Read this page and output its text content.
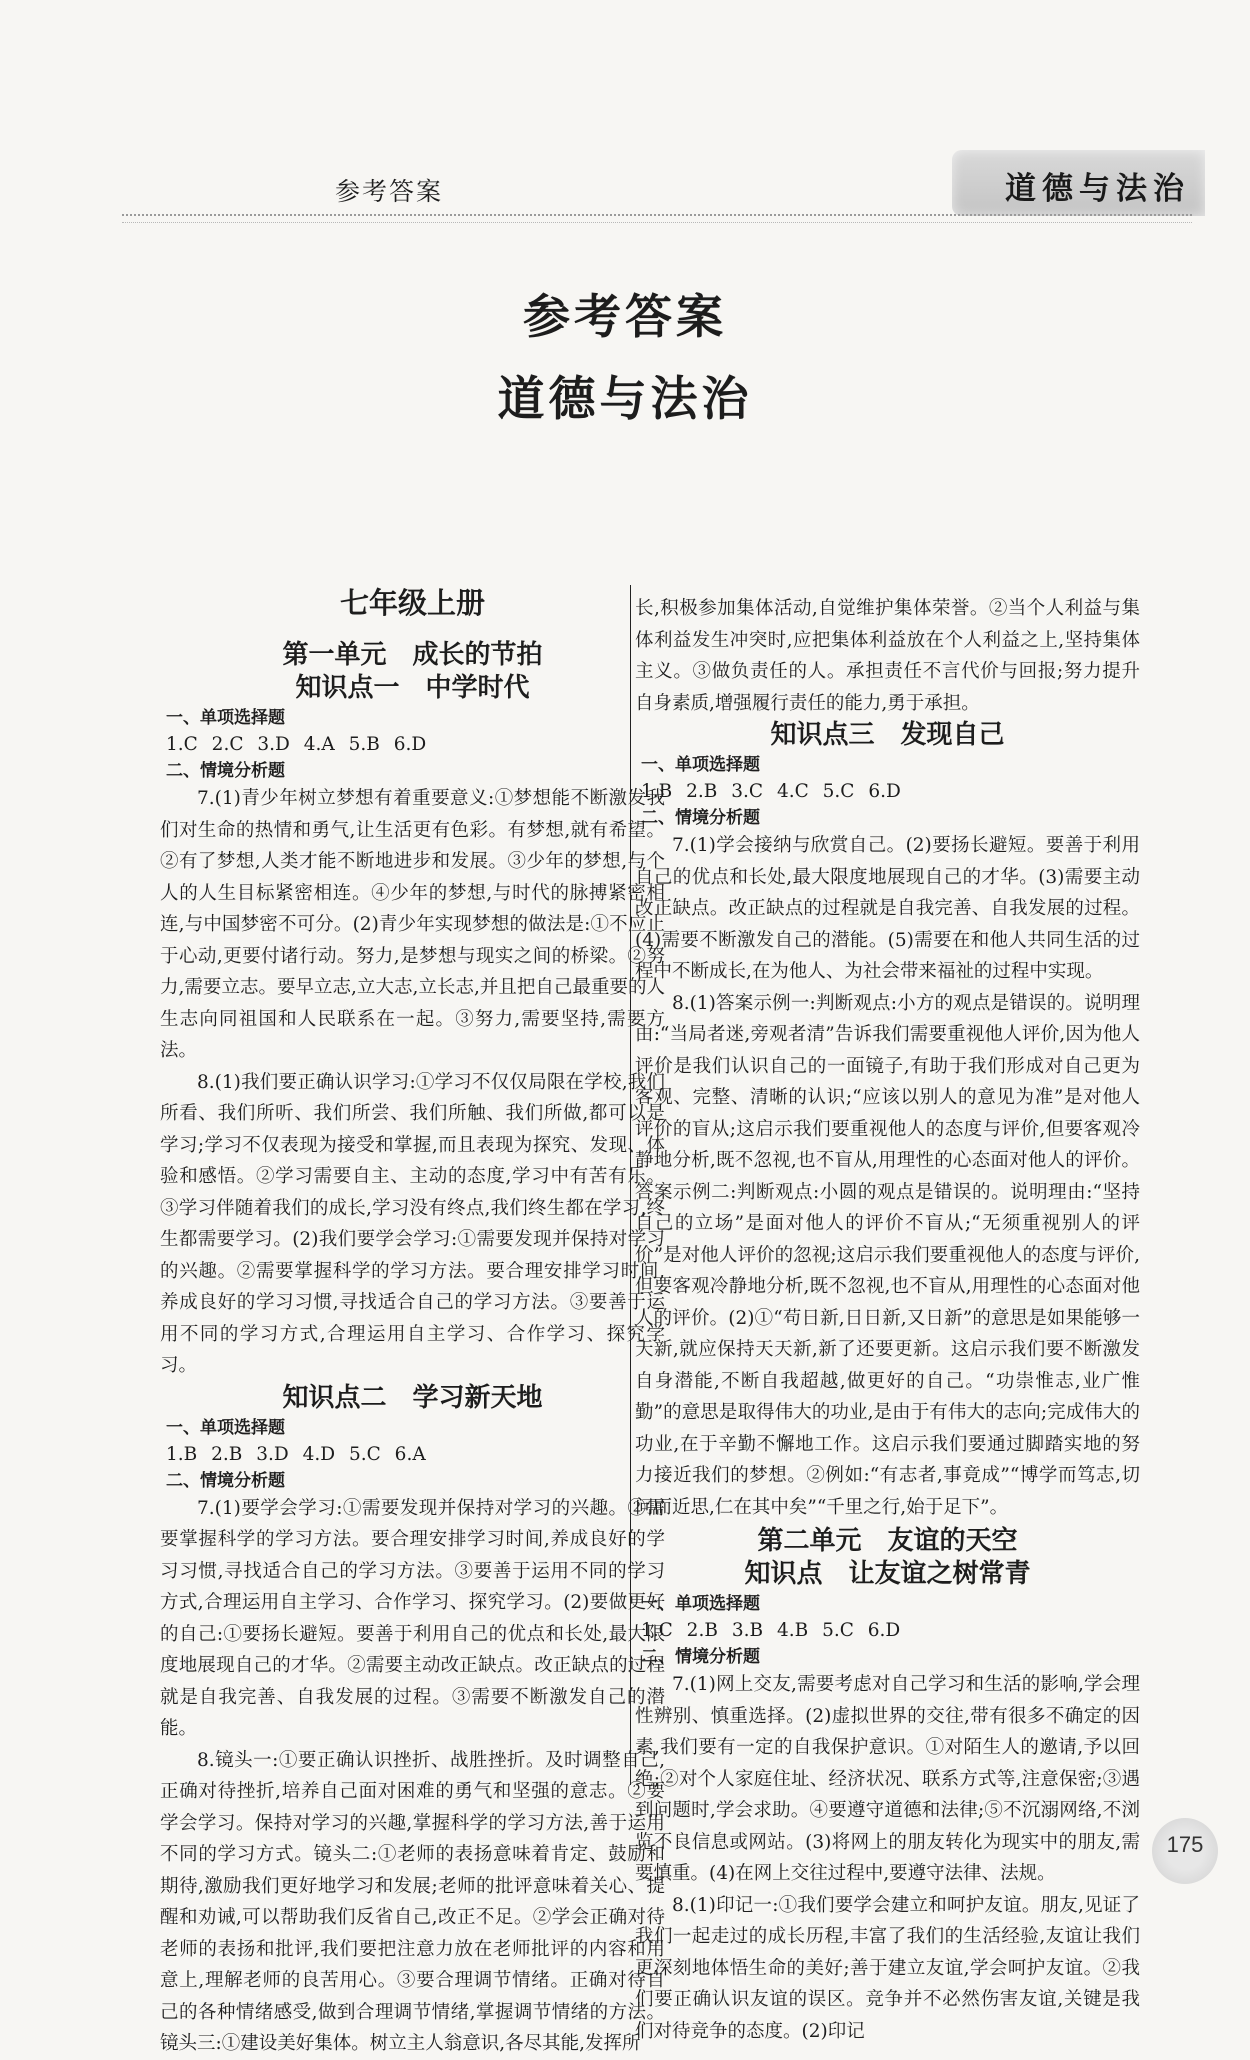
参考答案	道德与法治
参考答案
道德与法治
七年级上册
第一单元　成长的节拍
知识点一　中学时代
一、单项选择题
1.C 2.C 3.D 4.A 5.B 6.D
二、情境分析题

7.(1)青少年树立梦想有着重要意义:①梦想能不断激发我们对生命的热情和勇气,让生活更有色彩。有梦想,就有希望。②有了梦想,人类才能不断地进步和发展。③少年的梦想,与个人的人生目标紧密相连。④少年的梦想,与时代的脉搏紧密相连,与中国梦密不可分。(2)青少年实现梦想的做法是:①不应止于心动,更要付诸行动。努力,是梦想与现实之间的桥梁。②努力,需要立志。要早立志,立大志,立长志,并且把自己最重要的人生志向同祖国和人民联系在一起。③努力,需要坚持,需要方法。

8.(1)我们要正确认识学习:①学习不仅仅局限在学校,我们所看、我们所听、我们所尝、我们所触、我们所做,都可以是学习;学习不仅表现为接受和掌握,而且表现为探究、发现、体验和感悟。②学习需要自主、主动的态度,学习中有苦有乐。③学习伴随着我们的成长,学习没有终点,我们终生都在学习,终生都需要学习。(2)我们要学会学习:①需要发现并保持对学习的兴趣。②需要掌握科学的学习方法。要合理安排学习时间,养成良好的学习习惯,寻找适合自己的学习方法。③要善于运用不同的学习方式,合理运用自主学习、合作学习、探究学习。

知识点二　学习新天地
一、单项选择题
1.B 2.B 3.D 4.D 5.C 6.A
二、情境分析题

7.(1)要学会学习:①需要发现并保持对学习的兴趣。②需要掌握科学的学习方法。要合理安排学习时间,养成良好的学习习惯,寻找适合自己的学习方法。③要善于运用不同的学习方式,合理运用自主学习、合作学习、探究学习。(2)要做更好的自己:①要扬长避短。要善于利用自己的优点和长处,最大限度地展现自己的才华。②需要主动改正缺点。改正缺点的过程就是自我完善、自我发展的过程。③需要不断激发自己的潜能。

8.镜头一:①要正确认识挫折、战胜挫折。及时调整自己,正确对待挫折,培养自己面对困难的勇气和坚强的意志。②要学会学习。保持对学习的兴趣,掌握科学的学习方法,善于运用不同的学习方式。镜头二:①老师的表扬意味着肯定、鼓励和期待,激励我们更好地学习和发展;老师的批评意味着关心、提醒和劝诫,可以帮助我们反省自己,改正不足。②学会正确对待老师的表扬和批评,我们要把注意力放在老师批评的内容和用意上,理解老师的良苦用心。③要合理调节情绪。正确对待自己的各种情绪感受,做到合理调节情绪,掌握调节情绪的方法。镜头三:①建设美好集体。树立主人翁意识,各尽其能,发挥所

长,积极参加集体活动,自觉维护集体荣誉。②当个人利益与集体利益发生冲突时,应把集体利益放在个人利益之上,坚持集体主义。③做负责任的人。承担责任不言代价与回报;努力提升自身素质,增强履行责任的能力,勇于承担。

知识点三　发现自己
一、单项选择题
1.B 2.B 3.C 4.C 5.C 6.D
二、情境分析题

7.(1)学会接纳与欣赏自己。(2)要扬长避短。要善于利用自己的优点和长处,最大限度地展现自己的才华。(3)需要主动改正缺点。改正缺点的过程就是自我完善、自我发展的过程。(4)需要不断激发自己的潜能。(5)需要在和他人共同生活的过程中不断成长,在为他人、为社会带来福祉的过程中实现。

8.(1)答案示例一:判断观点:小方的观点是错误的。说明理由:“当局者迷,旁观者清”告诉我们需要重视他人评价,因为他人评价是我们认识自己的一面镜子,有助于我们形成对自己更为客观、完整、清晰的认识;“应该以别人的意见为准”是对他人评价的盲从;这启示我们要重视他人的态度与评价,但要客观冷静地分析,既不忽视,也不盲从,用理性的心态面对他人的评价。答案示例二:判断观点:小圆的观点是错误的。说明理由:“坚持自己的立场”是面对他人的评价不盲从;“无须重视别人的评价”是对他人评价的忽视;这启示我们要重视他人的态度与评价,但要客观冷静地分析,既不忽视,也不盲从,用理性的心态面对他人的评价。(2)①“苟日新,日日新,又日新”的意思是如果能够一天新,就应保持天天新,新了还要更新。这启示我们要不断激发自身潜能,不断自我超越,做更好的自己。“功崇惟志,业广惟勤”的意思是取得伟大的功业,是由于有伟大的志向;完成伟大的功业,在于辛勤不懈地工作。这启示我们要通过脚踏实地的努力接近我们的梦想。②例如:“有志者,事竟成”“博学而笃志,切问而近思,仁在其中矣”“千里之行,始于足下”。

第二单元　友谊的天空
知识点　让友谊之树常青
一、单项选择题
1.C 2.B 3.B 4.B 5.C 6.D
二、情境分析题

7.(1)网上交友,需要考虑对自己学习和生活的影响,学会理性辨别、慎重选择。(2)虚拟世界的交往,带有很多不确定的因素,我们要有一定的自我保护意识。①对陌生人的邀请,予以回绝;②对个人家庭住址、经济状况、联系方式等,注意保密;③遇到问题时,学会求助。④要遵守道德和法律;⑤不沉溺网络,不浏览不良信息或网站。(3)将网上的朋友转化为现实中的朋友,需要慎重。(4)在网上交往过程中,要遵守法律、法规。

8.(1)印记一:①我们要学会建立和呵护友谊。朋友,见证了我们一起走过的成长历程,丰富了我们的生活经验,友谊让我们更深刻地体悟生命的美好;善于建立友谊,学会呵护友谊。②我们要正确认识友谊的误区。竞争并不必然伤害友谊,关键是我们对待竞争的态度。(2)印记

175
